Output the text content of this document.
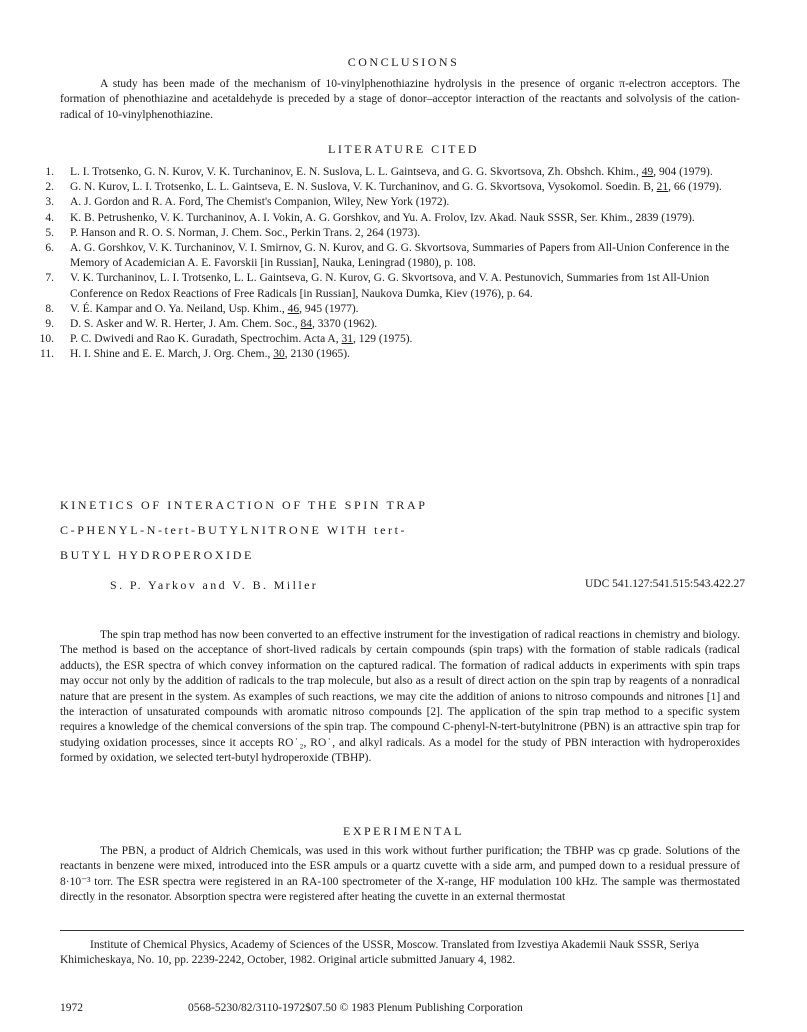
CONCLUSIONS

A study has been made of the mechanism of 10-vinylphenothiazine hydrolysis in the presence of organic π-electron acceptors. The formation of phenothiazine and acetaldehyde is preceded by a stage of donor–acceptor interaction of the reactants and solvolysis of the cation-radical of 10-vinylphenothiazine.

LITERATURE CITED
1. L. I. Trotsenko, G. N. Kurov, V. K. Turchaninov, E. N. Suslova, L. L. Gaintseva, and G. G. Skvortsova, Zh. Obshch. Khim., 49, 904 (1979).
2. G. N. Kurov, L. I. Trotsenko, L. L. Gaintseva, E. N. Suslova, V. K. Turchaninov, and G. G. Skvortsova, Vysokomol. Soedin. B, 21, 66 (1979).
3. A. J. Gordon and R. A. Ford, The Chemist's Companion, Wiley, New York (1972).
4. K. B. Petrushenko, V. K. Turchaninov, A. I. Vokin, A. G. Gorshkov, and Yu. A. Frolov, Izv. Akad. Nauk SSSR, Ser. Khim., 2839 (1979).
5. P. Hanson and R. O. S. Norman, J. Chem. Soc., Perkin Trans. 2, 264 (1973).
6. A. G. Gorshkov, V. K. Turchaninov, V. I. Smirnov, G. N. Kurov, and G. G. Skvortsova, Summaries of Papers from All-Union Conference in the Memory of Academician A. E. Favorskii [in Russian], Nauka, Leningrad (1980), p. 108.
7. V. K. Turchaninov, L. I. Trotsenko, L. L. Gaintseva, G. N. Kurov, G. G. Skvortsova, and V. A. Pestunovich, Summaries from 1st All-Union Conference on Redox Reactions of Free Radicals [in Russian], Naukova Dumka, Kiev (1976), p. 64.
8. V. É. Kampar and O. Ya. Neiland, Usp. Khim., 46, 945 (1977).
9. D. S. Asker and W. R. Herter, J. Am. Chem. Soc., 84, 3370 (1962).
10. P. C. Dwivedi and Rao K. Guradath, Spectrochim. Acta A, 31, 129 (1975).
11. H. I. Shine and E. E. March, J. Org. Chem., 30, 2130 (1965).
KINETICS OF INTERACTION OF THE SPIN TRAP
C-PHENYL-N-tert-BUTYLNITRONE WITH tert-
BUTYL HYDROPEROXIDE
S. P. Yarkov and V. B. Miller	UDC 541.127:541.515:543.422.27

The spin trap method has now been converted to an effective instrument for the investigation of radical reactions in chemistry and biology. The method is based on the acceptance of short-lived radicals by certain compounds (spin traps) with the formation of stable radicals (radical adducts), the ESR spectra of which convey information on the captured radical. The formation of radical adducts in experiments with spin traps may occur not only by the addition of radicals to the trap molecule, but also as a result of direct action on the spin trap by reagents of a nonradical nature that are present in the system. As examples of such reactions, we may cite the addition of anions to nitroso compounds and nitrones [1] and the interaction of unsaturated compounds with aromatic nitroso compounds [2]. The application of the spin trap method to a specific system requires a knowledge of the chemical conversions of the spin trap. The compound C-phenyl-N-tert-butylnitrone (PBN) is an attractive spin trap for studying oxidation processes, since it accepts RO˙₂, RO˙, and alkyl radicals. As a model for the study of PBN interaction with hydroperoxides formed by oxidation, we selected tert-butyl hydroperoxide (TBHP).

EXPERIMENTAL

The PBN, a product of Aldrich Chemicals, was used in this work without further purification; the TBHP was cp grade. Solutions of the reactants in benzene were mixed, introduced into the ESR ampuls or a quartz cuvette with a side arm, and pumped down to a residual pressure of 8·10⁻³ torr. The ESR spectra were registered in an RA-100 spectrometer of the X-range, HF modulation 100 kHz. The sample was thermostated directly in the resonator. Absorption spectra were registered after heating the cuvette in an external thermostat

Institute of Chemical Physics, Academy of Sciences of the USSR, Moscow. Translated from Izvestiya Akademii Nauk SSSR, Seriya Khimicheskaya, No. 10, pp. 2239-2242, October, 1982. Original article submitted January 4, 1982.

1972	0568-5230/82/3110-1972$07.50 © 1983 Plenum Publishing Corporation
